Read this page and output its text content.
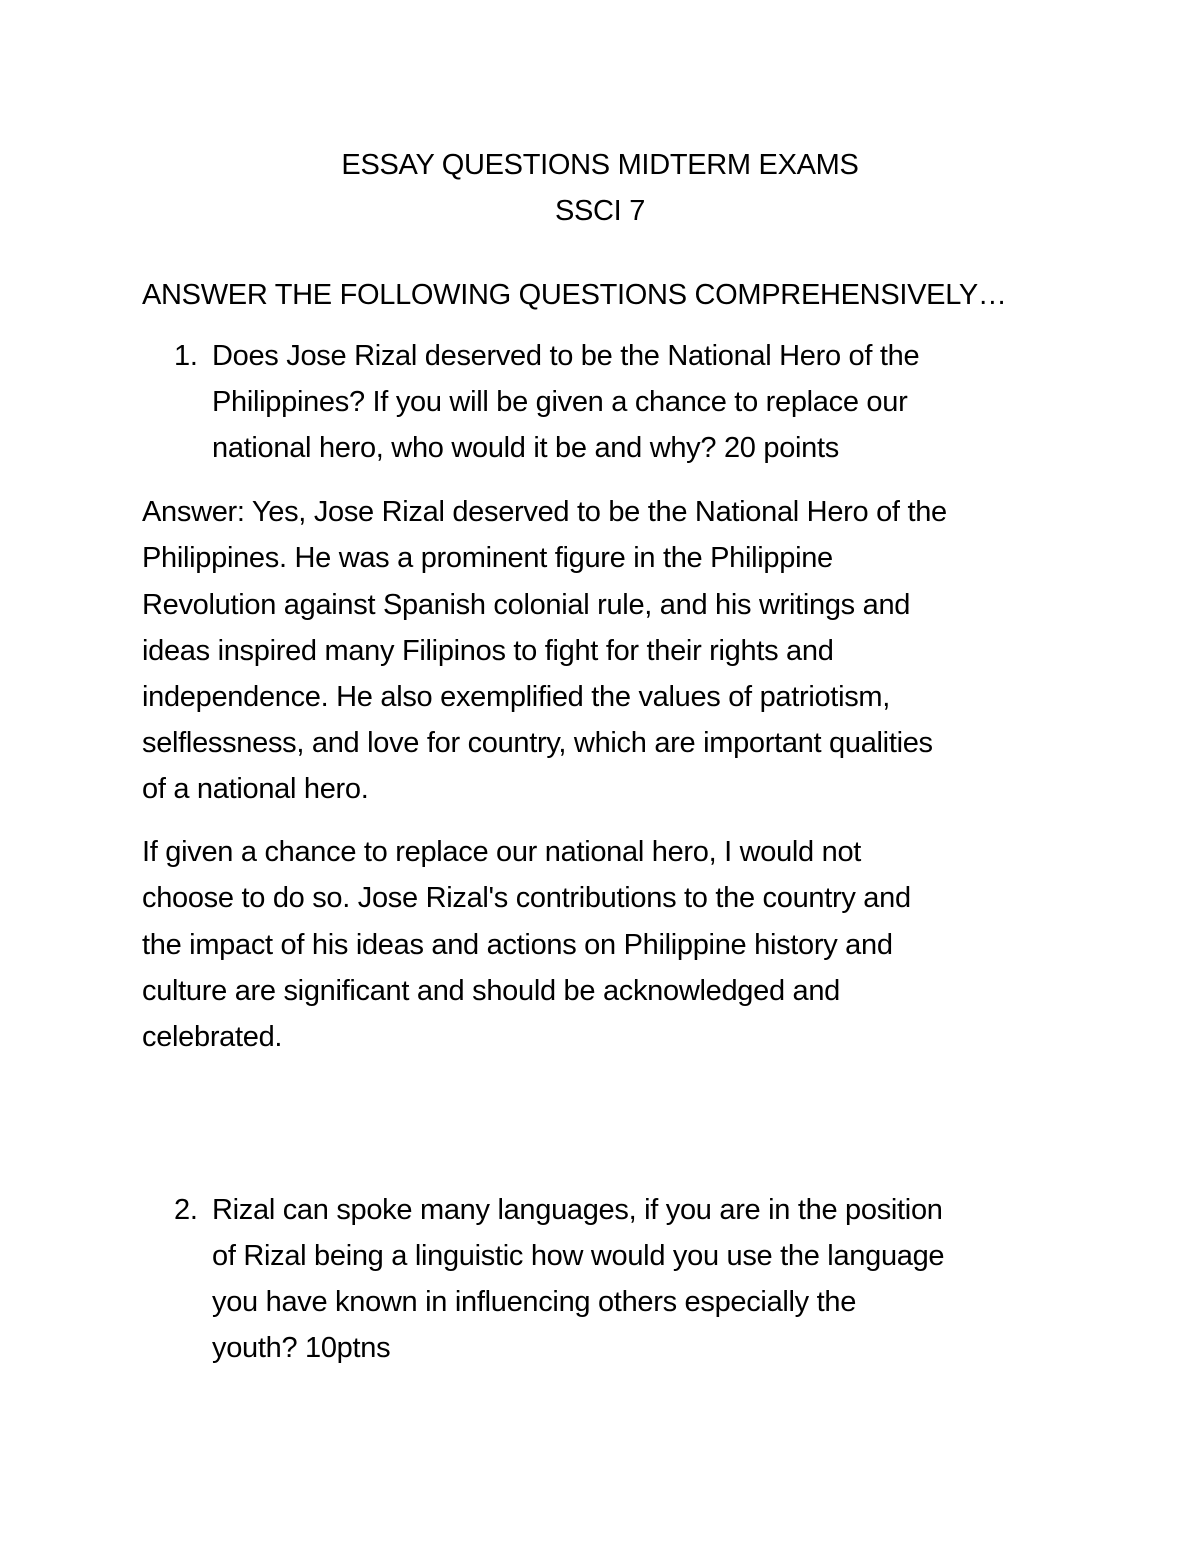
ESSAY QUESTIONS MIDTERM EXAMS
SSCI 7
ANSWER THE FOLLOWING QUESTIONS COMPREHENSIVELY…
1. Does Jose Rizal deserved to be the National Hero of the
Philippines? If you will be given a chance to replace our
national hero, who would it be and why? 20 points
Answer: Yes, Jose Rizal deserved to be the National Hero of the
Philippines. He was a prominent figure in the Philippine
Revolution against Spanish colonial rule, and his writings and
ideas inspired many Filipinos to fight for their rights and
independence. He also exemplified the values of patriotism,
selflessness, and love for country, which are important qualities
of a national hero.
If given a chance to replace our national hero, I would not
choose to do so. Jose Rizal's contributions to the country and
the impact of his ideas and actions on Philippine history and
culture are significant and should be acknowledged and
celebrated.
2. Rizal can spoke many languages, if you are in the position
of Rizal being a linguistic how would you use the language
you have known in influencing others especially the
youth? 10ptns
